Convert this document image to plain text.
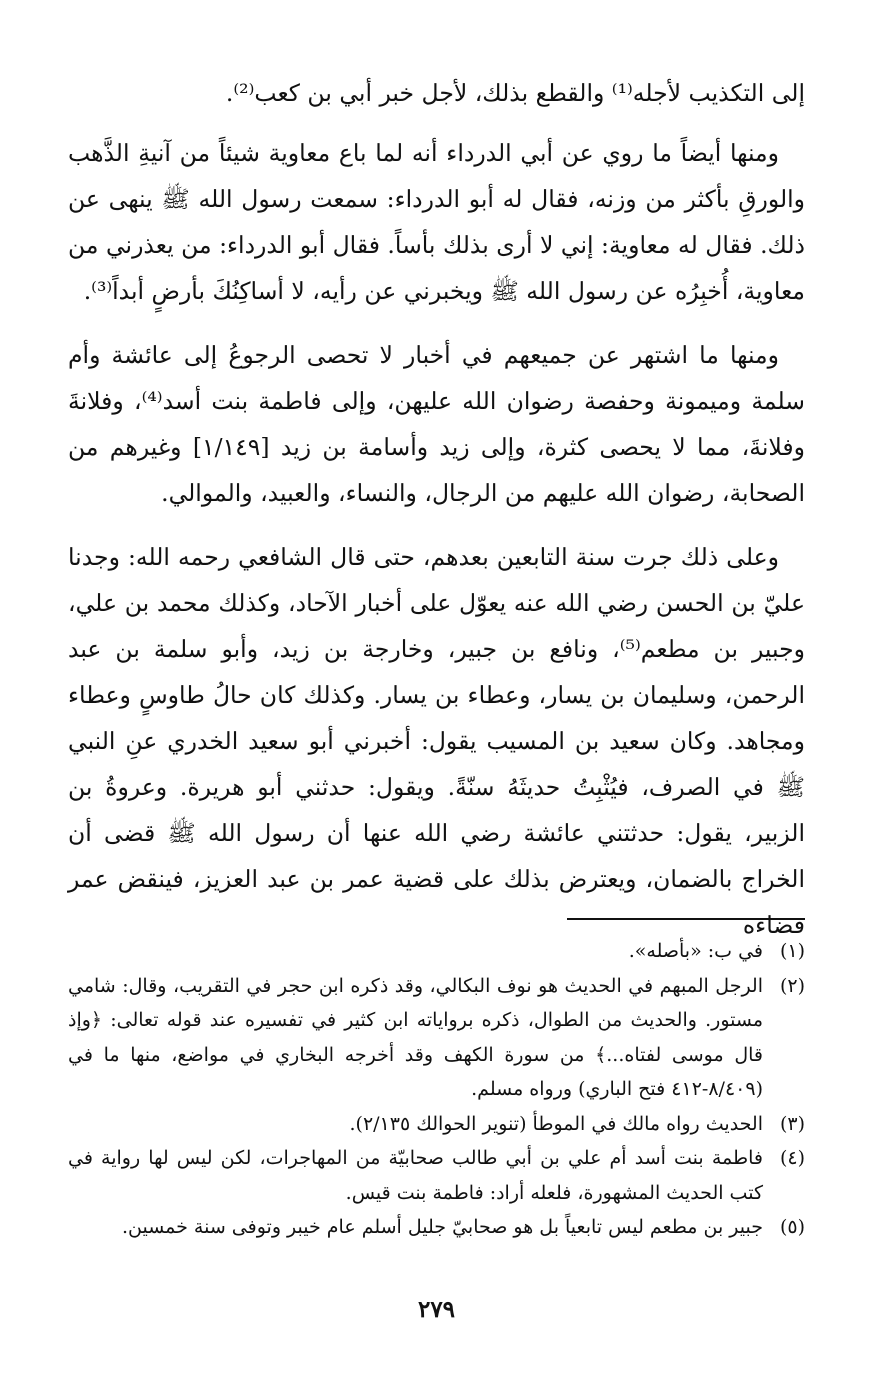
إلى التكذيب لأجله⁽¹⁾ والقطع بذلك، لأجل خبر أبي بن كعب⁽²⁾.

ومنها أيضاً ما روي عن أبي الدرداء أنه لما باع معاوية شيئاً من آنيةِ الذَّهب والورقِ بأكثر من وزنه، فقال له أبو الدرداء: سمعت رسول الله ﷺ ينهى عن ذلك. فقال له معاوية: إني لا أرى بذلك بأساً. فقال أبو الدرداء: من يعذرني من معاوية، أُخبِرُه عن رسول الله ﷺ ويخبرني عن رأيه، لا أساكِنُكَ بأرضٍ أبداً⁽³⁾.

ومنها ما اشتهر عن جميعهم في أخبار لا تحصى الرجوعُ إلى عائشة وأم سلمة وميمونة وحفصة رضوان الله عليهن، وإلى فاطمة بنت أسد⁽⁴⁾، وفلانةَ وفلانةَ، مما لا يحصى كثرة، وإلى زيد وأسامة بن زيد [١/١٤٩] وغيرهم من الصحابة، رضوان الله عليهم من الرجال، والنساء، والعبيد، والموالي.

وعلى ذلك جرت سنة التابعين بعدهم، حتى قال الشافعي رحمه الله: وجدنا عليّ بن الحسن رضي الله عنه يعوّل على أخبار الآحاد، وكذلك محمد بن علي، وجبير بن مطعم⁽⁵⁾، ونافع بن جبير، وخارجة بن زيد، وأبو سلمة بن عبد الرحمن، وسليمان بن يسار، وعطاء بن يسار. وكذلك كان حالُ طاوسٍ وعطاء ومجاهد. وكان سعيد بن المسيب يقول: أخبرني أبو سعيد الخدري عنِ النبي ﷺ في الصرف، فيُثْبِتُ حديثَهُ سنّةً. ويقول: حدثني أبو هريرة. وعروةُ بن الزبير، يقول: حدثتني عائشة رضي الله عنها أن رسول الله ﷺ قضى أن الخراج بالضمان، ويعترض بذلك على قضية عمر بن عبد العزيز، فينقض عمر قضاءه

(١)
في ب: «بأصله».
(٢)
الرجل المبهم في الحديث هو نوف البكالي، وقد ذكره ابن حجر في التقريب، وقال: شامي مستور. والحديث من الطوال، ذكره برواياته ابن كثير في تفسيره عند قوله تعالى: ﴿وإذ قال موسى لفتاه...﴾ من سورة الكهف وقد أخرجه البخاري في مواضع، منها ما في (٨/٤٠٩-٤١٢ فتح الباري) ورواه مسلم.
(٣)
الحديث رواه مالك في الموطأ (تنوير الحوالك ٢/١٣٥).
(٤)
فاطمة بنت أسد أم علي بن أبي طالب صحابيّة من المهاجرات، لكن ليس لها رواية في كتب الحديث المشهورة، فلعله أراد: فاطمة بنت قيس.
(٥)
جبير بن مطعم ليس تابعياً بل هو صحابيّ جليل أسلم عام خيبر وتوفى سنة خمسين.
٢٧٩
